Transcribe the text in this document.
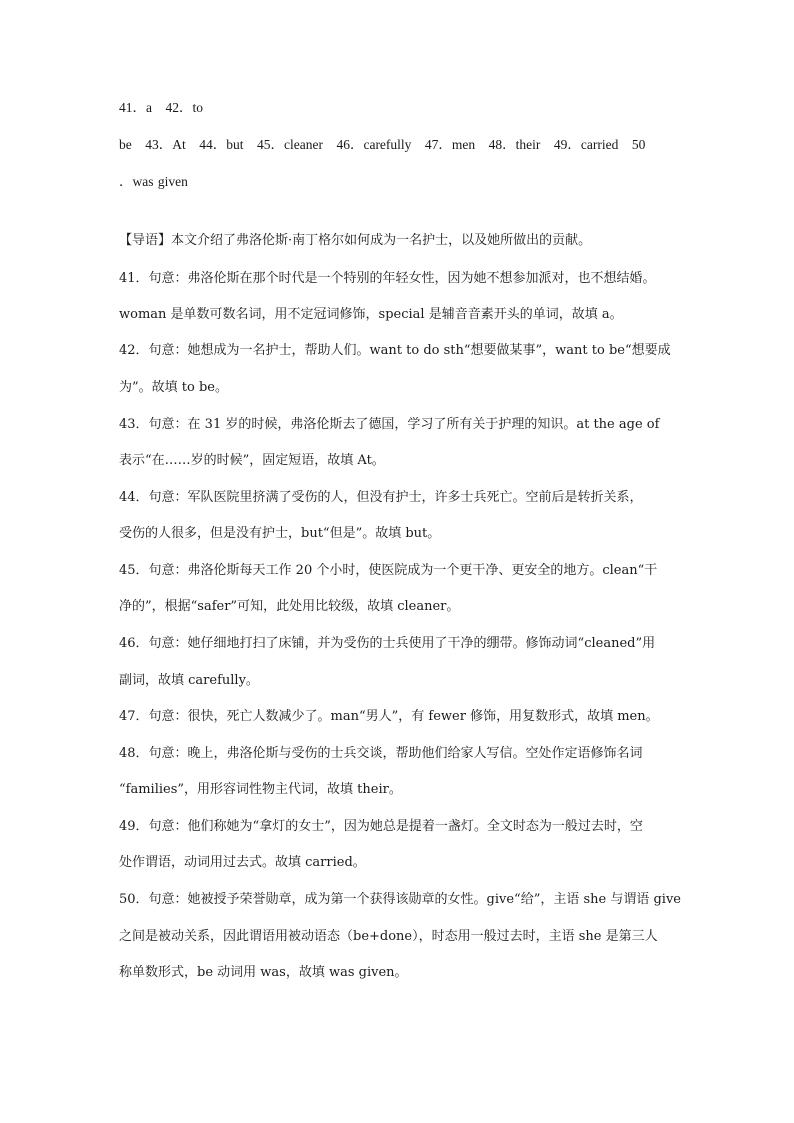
41．a　42．to
be　43．At　44．but　45．cleaner　46．carefully　47．men　48．their　49．carried　50
．was given
【导语】本文介绍了弗洛伦斯·南丁格尔如何成为一名护士，以及她所做出的贡献。
41．句意：弗洛伦斯在那个时代是一个特别的年轻女性，因为她不想参加派对，也不想结婚。
woman 是单数可数名词，用不定冠词修饰，special 是辅音音素开头的单词，故填 a。
42．句意：她想成为一名护士，帮助人们。want to do sth“想要做某事”，want to be“想要成
为”。故填 to be。
43．句意：在 31 岁的时候，弗洛伦斯去了德国，学习了所有关于护理的知识。at the age of
表示“在……岁的时候”，固定短语，故填 At。
44．句意：军队医院里挤满了受伤的人，但没有护士，许多士兵死亡。空前后是转折关系，
受伤的人很多，但是没有护士，but“但是”。故填 but。
45．句意：弗洛伦斯每天工作 20 个小时，使医院成为一个更干净、更安全的地方。clean“干
净的”，根据“safer”可知，此处用比较级，故填 cleaner。
46．句意：她仔细地打扫了床铺，并为受伤的士兵使用了干净的绷带。修饰动词“cleaned”用
副词，故填 carefully。
47．句意：很快，死亡人数减少了。man“男人”，有 fewer 修饰，用复数形式，故填 men。
48．句意：晚上，弗洛伦斯与受伤的士兵交谈，帮助他们给家人写信。空处作定语修饰名词
“families”，用形容词性物主代词，故填 their。
49．句意：他们称她为“拿灯的女士”，因为她总是提着一盏灯。全文时态为一般过去时，空
处作谓语，动词用过去式。故填 carried。
50．句意：她被授予荣誉勋章，成为第一个获得该勋章的女性。give“给”，主语 she 与谓语 give
之间是被动关系，因此谓语用被动语态（be+done），时态用一般过去时，主语 she 是第三人
称单数形式，be 动词用 was，故填 was given。
